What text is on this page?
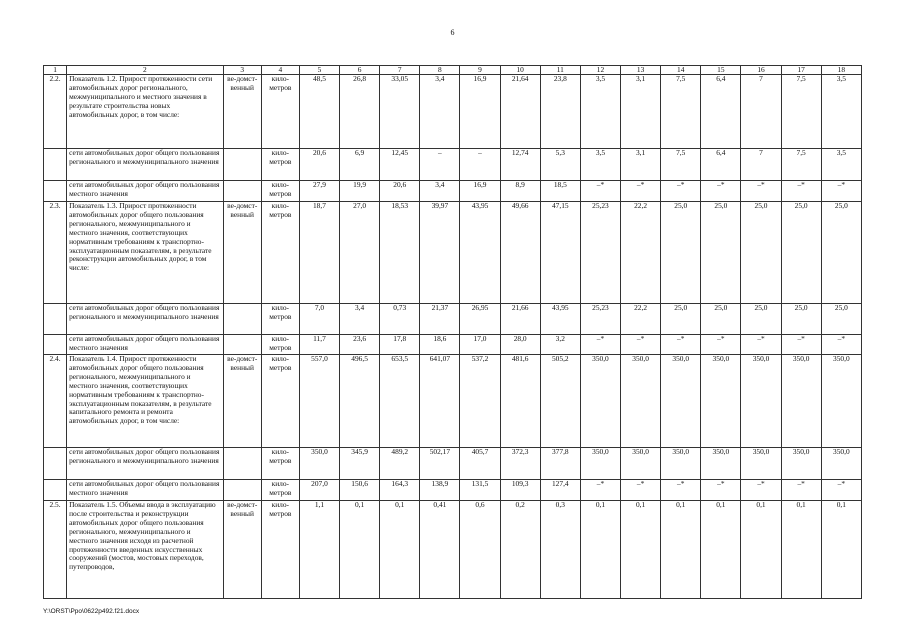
6
1	2	3	4	5	6	7	8	9	10	11	12	13	14	15	16	17	18
2.2.	Показатель 1.2. Прирост протяженности сети автомобильных дорог регионального, межмуниципального и местного значения в результате строительства новых автомобильных дорог, в том числе:	ве-домст-венный	кило-метров	48,5	26,8	33,05	3,4	16,9	21,64	23,8	3,5	3,1	7,5	6,4	7	7,5	3,5
	сети автомобильных дорог общего пользования регионального и межмуниципального значения		кило-метров	20,6	6,9	12,45	–	–	12,74	5,3	3,5	3,1	7,5	6,4	7	7,5	3,5
	сети автомобильных дорог общего пользования местного значения		кило-метров	27,9	19,9	20,6	3,4	16,9	8,9	18,5	–*	–*	–*	–*	–*	–*	–*
2.3.	Показатель 1.3. Прирост протяженности автомобильных дорог общего пользования регионального, межмуниципального и местного значения, соответствующих нормативным требованиям к транспортно-эксплуатационным показателям, в результате реконструкции автомобильных дорог, в том числе:	ве-домст-венный	кило-метров	18,7	27,0	18,53	39,97	43,95	49,66	47,15	25,23	22,2	25,0	25,0	25,0	25,0	25,0
	сети автомобильных дорог общего пользования регионального и межмуниципального значения		кило-метров	7,0	3,4	0,73	21,37	26,95	21,66	43,95	25,23	22,2	25,0	25,0	25,0	25,0	25,0
	сети автомобильных дорог общего пользования местного значения		кило-метров	11,7	23,6	17,8	18,6	17,0	28,0	3,2	–*	–*	–*	–*	–*	–*	–*
2.4.	Показатель 1.4. Прирост протяженности автомобильных дорог общего пользования регионального, межмуниципального и местного значения, соответствующих нормативным требованиям к транспортно-эксплуатационным показателям, в результате капитального ремонта и ремонта автомобильных дорог, в том числе:	ве-домст-венный	кило-метров	557,0	496,5	653,5	641,07	537,2	481,6	505,2	350,0	350,0	350,0	350,0	350,0	350,0	350,0
	сети автомобильных дорог общего пользования регионального и межмуниципального значения		кило-метров	350,0	345,9	489,2	502,17	405,7	372,3	377,8	350,0	350,0	350,0	350,0	350,0	350,0	350,0
	сети автомобильных дорог общего пользования местного значения		кило-метров	207,0	150,6	164,3	138,9	131,5	109,3	127,4	–*	–*	–*	–*	–*	–*	–*
2.5.	Показатель 1.5. Объемы ввода в эксплуатацию после строительства и реконструкции автомобильных дорог общего пользования регионального, межмуниципального и местного значения исходя из расчетной протяженности введенных искусственных сооружений (мостов, мостовых переходов, путепроводов,	ве-домст-венный	кило-метров	1,1	0,1	0,1	0,41	0,6	0,2	0,3	0,1	0,1	0,1	0,1	0,1	0,1	0,1
Y:\ORST\Ppo\0622p492.f21.docx
